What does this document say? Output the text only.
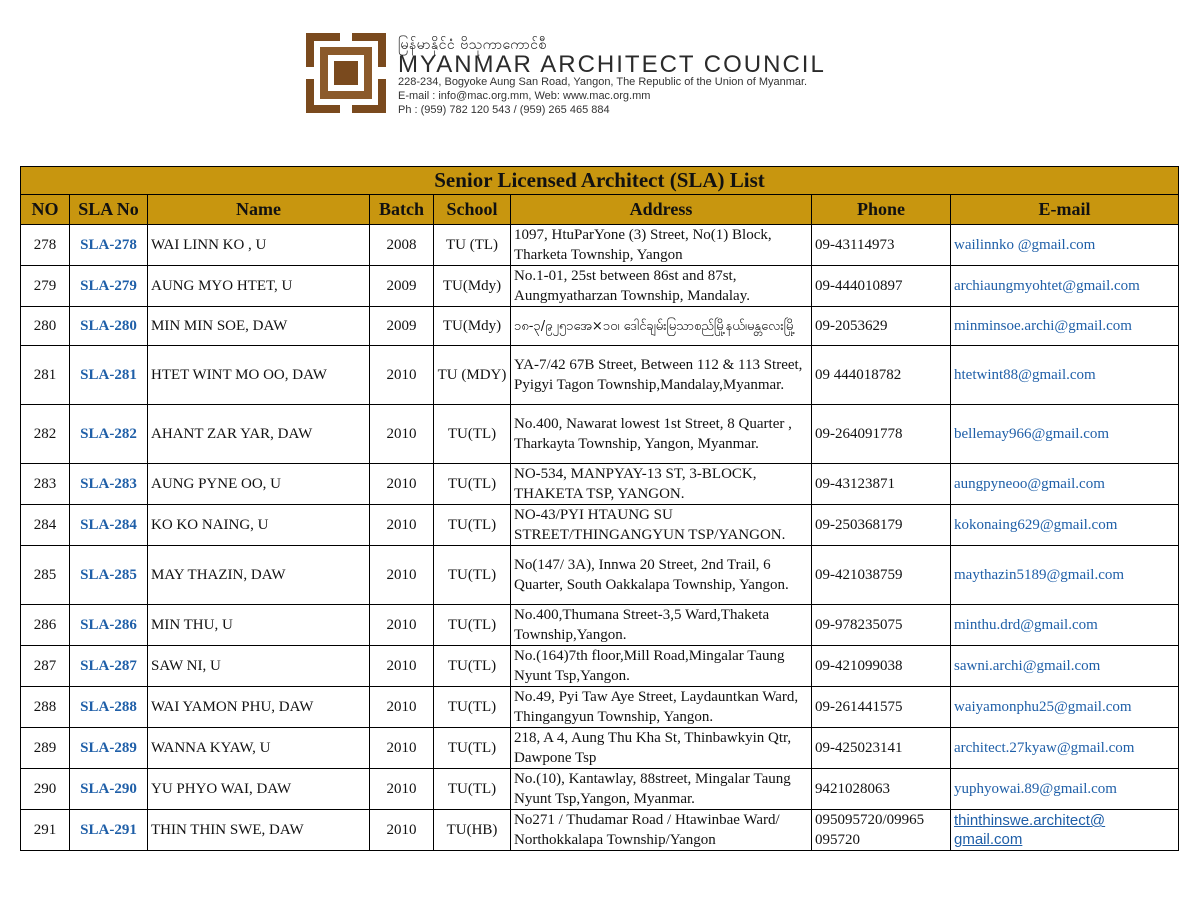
မြန်မာနိုင်ငံ ဗိသုကာကောင်စီ
MYANMAR ARCHITECT COUNCIL
228-234, Bogyoke Aung San Road, Yangon, The Republic of the Union of Myanmar.
E-mail : info@mac.org.mm, Web: www.mac.org.mm
Ph : (959) 782 120 543 / (959) 265 465 884
Senior Licensed Architect (SLA) List							
NO	SLA No	Name	Batch	School	Address	Phone	E-mail
278	SLA-278	WAI LINN KO , U	2008	TU (TL)	1097, HtuParYone (3) Street, No(1) Block, Tharketa Township, Yangon	09-43114973	wailinnko @gmail.com
279	SLA-279	AUNG MYO HTET, U	2009	TU(Mdy)	No.1-01, 25st between 86st and 87st, Aungmyatharzan Township, Mandalay.	09-444010897	archiaungmyohtet@gmail.com
280	SLA-280	MIN MIN SOE, DAW	2009	TU(Mdy)	၁၈-၃/၉၂၅၁အေ×၁၀၊ ဒေါင်ချမ်းမြသာစည်မြို့နယ်၊မန္တလေးမြို့	09-2053629	minminsoe.archi@gmail.com
281	SLA-281	HTET WINT MO OO, DAW	2010	TU (MDY)	YA-7/42 67B Street, Between 112 & 113 Street, Pyigyi Tagon Township,Mandalay,Myanmar.	09 444018782	htetwint88@gmail.com
282	SLA-282	AHANT ZAR YAR, DAW	2010	TU(TL)	No.400, Nawarat lowest 1st Street, 8 Quarter , Tharkayta Township, Yangon, Myanmar.	09-264091778	bellemay966@gmail.com
283	SLA-283	AUNG PYNE OO, U	2010	TU(TL)	NO-534, MANPYAY-13 ST, 3-BLOCK, THAKETA TSP, YANGON.	09-43123871	aungpyneoo@gmail.com
284	SLA-284	KO KO NAING, U	2010	TU(TL)	NO-43/PYI HTAUNG SU STREET/THINGANGYUN TSP/YANGON.	09-250368179	kokonaing629@gmail.com
285	SLA-285	MAY THAZIN, DAW	2010	TU(TL)	No(147/ 3A), Innwa 20 Street, 2nd Trail, 6 Quarter, South Oakkalapa Township, Yangon.	09-421038759	maythazin5189@gmail.com
286	SLA-286	MIN THU, U	2010	TU(TL)	No.400,Thumana Street-3,5 Ward,Thaketa Township,Yangon.	09-978235075	minthu.drd@gmail.com
287	SLA-287	SAW NI, U	2010	TU(TL)	No.(164)7th floor,Mill Road,Mingalar Taung Nyunt Tsp,Yangon.	09-421099038	sawni.archi@gmail.com
288	SLA-288	WAI YAMON PHU, DAW	2010	TU(TL)	No.49, Pyi Taw Aye Street, Laydauntkan Ward, Thingangyun Township, Yangon.	09-261441575	waiyamonphu25@gmail.com
289	SLA-289	WANNA KYAW, U	2010	TU(TL)	218, A 4, Aung Thu Kha St, Thinbawkyin Qtr, Dawpone Tsp	09-425023141	architect.27kyaw@gmail.com
290	SLA-290	YU PHYO WAI, DAW	2010	TU(TL)	No.(10), Kantawlay, 88street, Mingalar Taung Nyunt Tsp,Yangon, Myanmar.	9421028063	yuphyowai.89@gmail.com
291	SLA-291	THIN THIN SWE, DAW	2010	TU(HB)	No271 / Thudamar Road / Htawinbae Ward/ Northokkalapa Township/Yangon	095095720/09965 095720	thinthinswe.architect@ gmail.com
